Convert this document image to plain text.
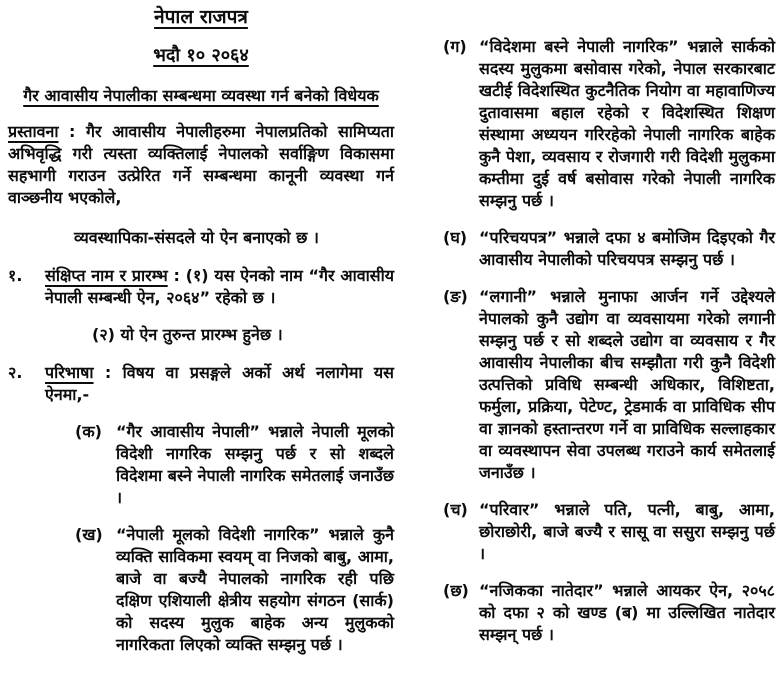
नेपाल राजपत्र
भदौ १० २०६४
गैर आवासीय नेपालीका सम्बन्धमा व्यवस्था गर्न बनेको विधेयक

प्रस्तावना : गैर आवासीय नेपालीहरुमा नेपालप्रतिको सामिप्यता अभिवृद्धि गरी त्यस्ता व्यक्तिलाई नेपालको सर्वाङ्गिण विकासमा सहभागी गराउन उत्प्रेरित गर्ने सम्बन्धमा कानूनी व्यवस्था गर्न वाञ्छनीय भएकोले,

व्यवस्थापिका-संसदले यो ऐन बनाएको छ ।

१.	संक्षिप्त नाम र प्रारम्भ : (१) यस ऐनको नाम “गैर आवासीय नेपाली सम्बन्धी ऐन, २०६४” रहेको छ ।

(२) यो ऐन तुरुन्त प्रारम्भ हुनेछ ।

२.	परिभाषा : विषय वा प्रसङ्गले अर्को अर्थ नलागेमा यस ऐनमा,-
(क) “गैर आवासीय नेपाली” भन्नाले नेपाली मूलको विदेशी नागरिक सम्झनु पर्छ र सो शब्दले विदेशमा बस्ने नेपाली नागरिक समेतलाई जनाउँछ ।
(ख) “नेपाली मूलको विदेशी नागरिक” भन्नाले कुनै व्यक्ति साविकमा स्वयम् वा निजको बाबु, आमा, बाजे वा बज्यै नेपालको नागरिक रही पछि दक्षिण एशियाली क्षेत्रीय सहयोग संगठन (सार्क) को सदस्य मुलुक बाहेक अन्य मुलुकको नागरिकता लिएको व्यक्ति सम्झनु पर्छ ।
(ग) “विदेशमा बस्ने नेपाली नागरिक” भन्नाले सार्कको सदस्य मुलुकमा बसोवास गरेको, नेपाल सरकारबाट खटीई विदेशस्थित कुटनैतिक नियोग वा महावाणिज्य दुतावासमा बहाल रहेको र विदेशस्थित शिक्षण संस्थामा अध्ययन गरिरहेको नेपाली नागरिक बाहेक कुनै पेशा, व्यवसाय र रोजगारी गरी विदेशी मुलुकमा कम्तीमा दुई वर्ष बसोवास गरेको नेपाली नागरिक सम्झनु पर्छ ।
(घ) “परिचयपत्र” भन्नाले दफा ४ बमोजिम दिइएको गैर आवासीय नेपालीको परिचयपत्र सम्झनु पर्छ ।
(ङ) “लगानी” भन्नाले मुनाफा आर्जन गर्ने उद्देश्यले नेपालको कुनै उद्योग वा व्यवसायमा गरेको लगानी सम्झनु पर्छ र सो शब्दले उद्योग वा व्यवसाय र गैर आवासीय नेपालीका बीच सम्झौता गरी कुनै विदेशी उत्पत्तिको प्रविधि सम्बन्धी अधिकार, विशिष्टता, फर्मुला, प्रक्रिया, पेटेण्ट, ट्रेडमार्क वा प्राविधिक सीप वा ज्ञानको हस्तान्तरण गर्ने वा प्राविधिक सल्लाहकार वा व्यवस्थापन सेवा उपलब्ध गराउने कार्य समेतलाई जनाउँछ ।
(च) “परिवार” भन्नाले पति, पत्नी, बाबु, आमा, छोराछोरी, बाजे बज्यै र सासू वा ससुरा सम्झनु पर्छ ।
(छ) “नजिकका नातेदार” भन्नाले आयकर ऐन, २०५८ को दफा २ को खण्ड (ब) मा उल्लिखित नातेदार सम्झन् पर्छ ।
